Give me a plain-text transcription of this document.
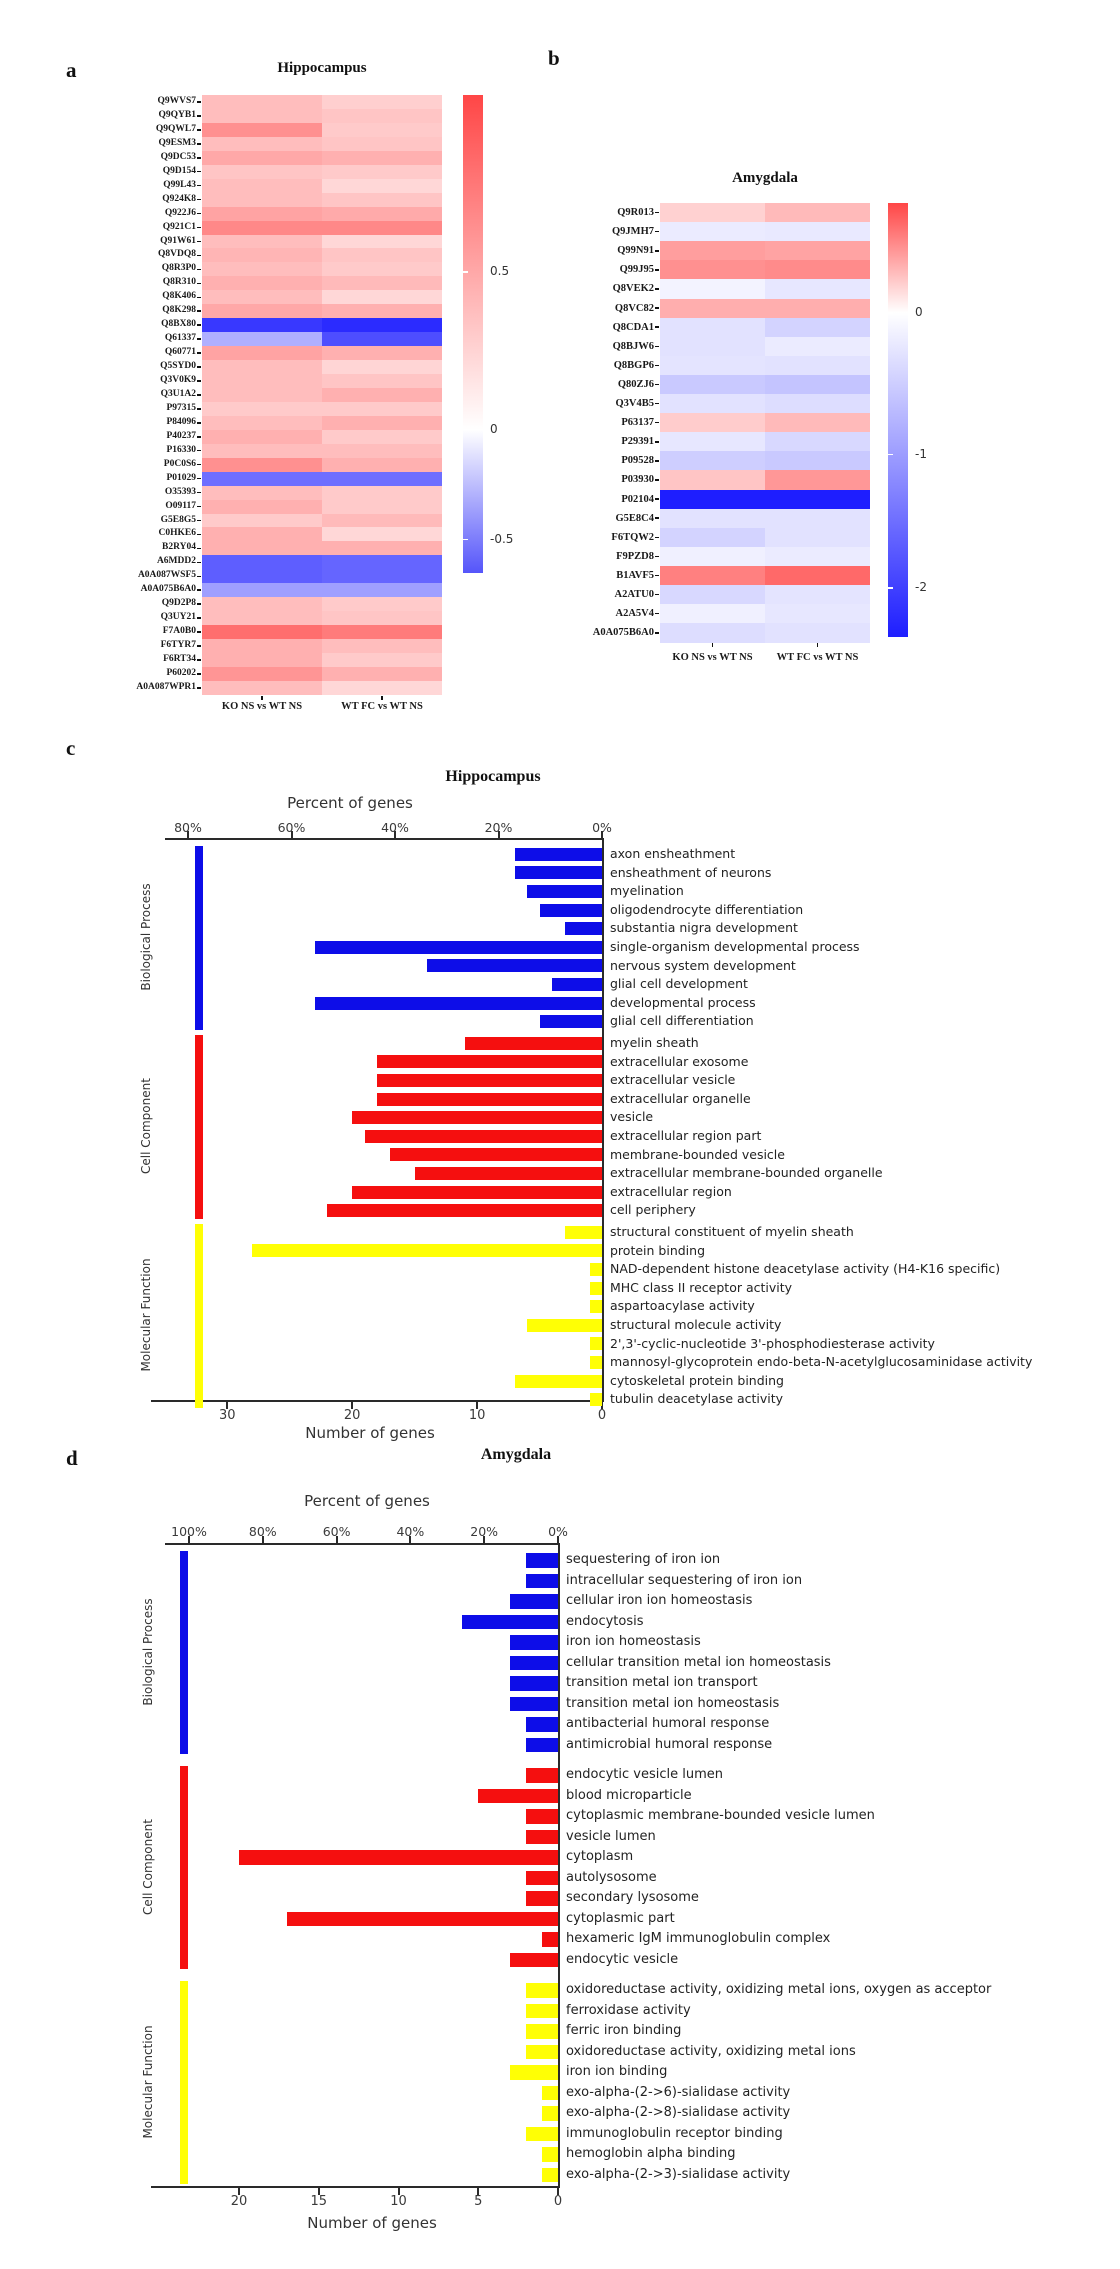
a	b
c
d
Hippocampus
Q9WVS7
Q9QYB1
Q9QWL7
Q9ESM3
Q9DC53
Q9D154
Q99L43
Q924K8
Q922J6
Q921C1
Q91W61
Q8VDQ8
Q8R3P0
Q8R310
Q8K406
Q8K298
Q8BX80
Q61337
Q60771
Q5SYD0
Q3V0K9
Q3U1A2
P97315
P84096
P40237
P16330
P0C0S6
P01029
O35393
O09117
G5E8G5
C0HKE6
B2RY04
A6MDD2
A0A087WSF5
A0A075B6A0
Q9D2P8
Q3UY21
F7A0B0
F6TYR7
F6RT34
P60202
A0A087WPR1
KO NS vs WT NS	WT FC vs WT NS
0.5
0
-0.5
Amygdala
Q9R013
Q9JMH7
Q99N91
Q99J95
Q8VEK2
Q8VC82
Q8CDA1
Q8BJW6
Q8BGP6
Q80ZJ6
Q3V4B5
P63137
P29391
P09528
P03930
P02104
G5E8C4
F6TQW2
F9PZD8
B1AVF5
A2ATU0
A2A5V4
A0A075B6A0
KO NS vs WT NS	WT FC vs WT NS
0
-1
-2
Hippocampus
Percent of genes
Number of genes
80%	60%	40%	20%	0%
30	20	10	0
Biological Process
axon ensheathment
ensheathment of neurons
myelination
oligodendrocyte differentiation
substantia nigra development
single-organism developmental process
nervous system development
glial cell development
developmental process
glial cell differentiation
Cell Component
myelin sheath
extracellular exosome
extracellular vesicle
extracellular organelle
vesicle
extracellular region part
membrane-bounded vesicle
extracellular membrane-bounded organelle
extracellular region
cell periphery
Molecular Function
structural constituent of myelin sheath
protein binding
NAD-dependent histone deacetylase activity (H4-K16 specific)
MHC class II receptor activity
aspartoacylase activity
structural molecule activity
2',3'-cyclic-nucleotide 3'-phosphodiesterase activity
mannosyl-glycoprotein endo-beta-N-acetylglucosaminidase activity
cytoskeletal protein binding
tubulin deacetylase activity
Amygdala
Percent of genes
Number of genes
100%	80%	60%	40%	20%	0%
20	15	10	5	0
Biological Process
sequestering of iron ion
intracellular sequestering of iron ion
cellular iron ion homeostasis
endocytosis
iron ion homeostasis
cellular transition metal ion homeostasis
transition metal ion transport
transition metal ion homeostasis
antibacterial humoral response
antimicrobial humoral response
Cell Component
endocytic vesicle lumen
blood microparticle
cytoplasmic membrane-bounded vesicle lumen
vesicle lumen
cytoplasm
autolysosome
secondary lysosome
cytoplasmic part
hexameric IgM immunoglobulin complex
endocytic vesicle
Molecular Function
oxidoreductase activity, oxidizing metal ions, oxygen as acceptor
ferroxidase activity
ferric iron binding
oxidoreductase activity, oxidizing metal ions
iron ion binding
exo-alpha-(2->6)-sialidase activity
exo-alpha-(2->8)-sialidase activity
immunoglobulin receptor binding
hemoglobin alpha binding
exo-alpha-(2->3)-sialidase activity
